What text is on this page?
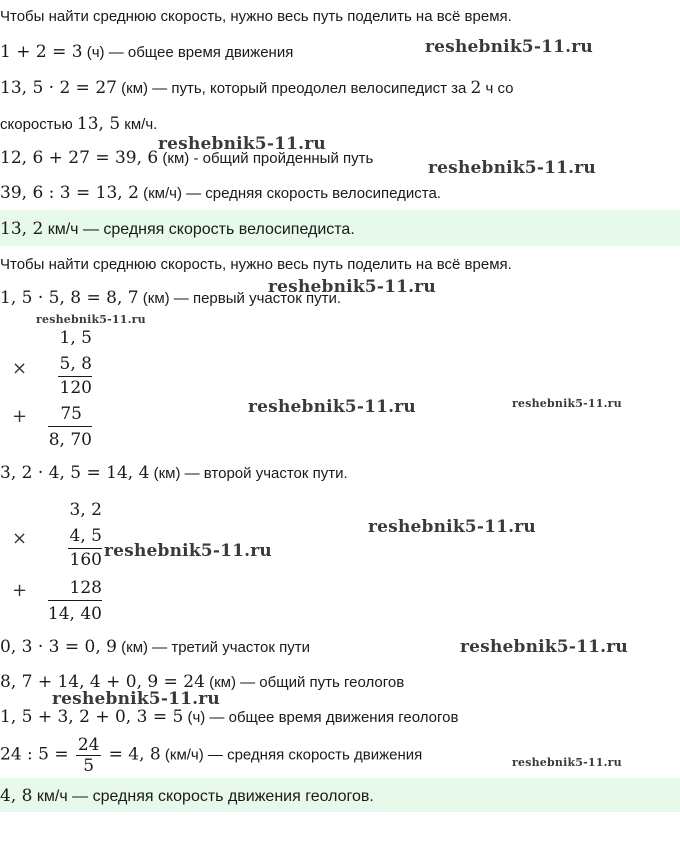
Чтобы найти среднюю скорость, нужно весь путь поделить на всё время.
1 + 2 = 3 (ч) — общее время движения
13, 5 · 2 = 27 (км) — путь, который преодолел велосипедист за 2 ч со
скоростью 13, 5 км/ч.
12, 6 + 27 = 39, 6 (км) - общий пройденный путь
39, 6 : 3 = 13, 2 (км/ч) — средняя скорость велосипедиста.
13, 2 км/ч — средняя скорость велосипедиста.
Чтобы найти среднюю скорость, нужно весь путь поделить на всё время.
1, 5 · 5, 8 = 8, 7 (км) — первый участок пути.
×
1, 5
5, 8
120
+	75
8, 70
3, 2 · 4, 5 = 14, 4 (км) — второй участок пути.
×
3, 2
4, 5
160
+	128
14, 40
0, 3 · 3 = 0, 9 (км) — третий участок пути
8, 7 + 14, 4 + 0, 9 = 24 (км) — общий путь геологов
1, 5 + 3, 2 + 0, 3 = 5 (ч) — общее время движения геологов
24 : $5 = \frac{24}{5} = 4$, 8 (км/ч) — средняя скорость движения
4, 8 км/ч — средняя скорость движения геологов.
reshebnik5-11.ru
reshebnik5-11.ru
reshebnik5-11.ru
reshebnik5-11.ru
reshebnik5-11.ru
reshebnik5-11.ru	reshebnik5-11.ru
reshebnik5-11.ru
reshebnik5-11.ru
reshebnik5-11.ru
reshebnik5-11.ru
reshebnik5-11.ru
